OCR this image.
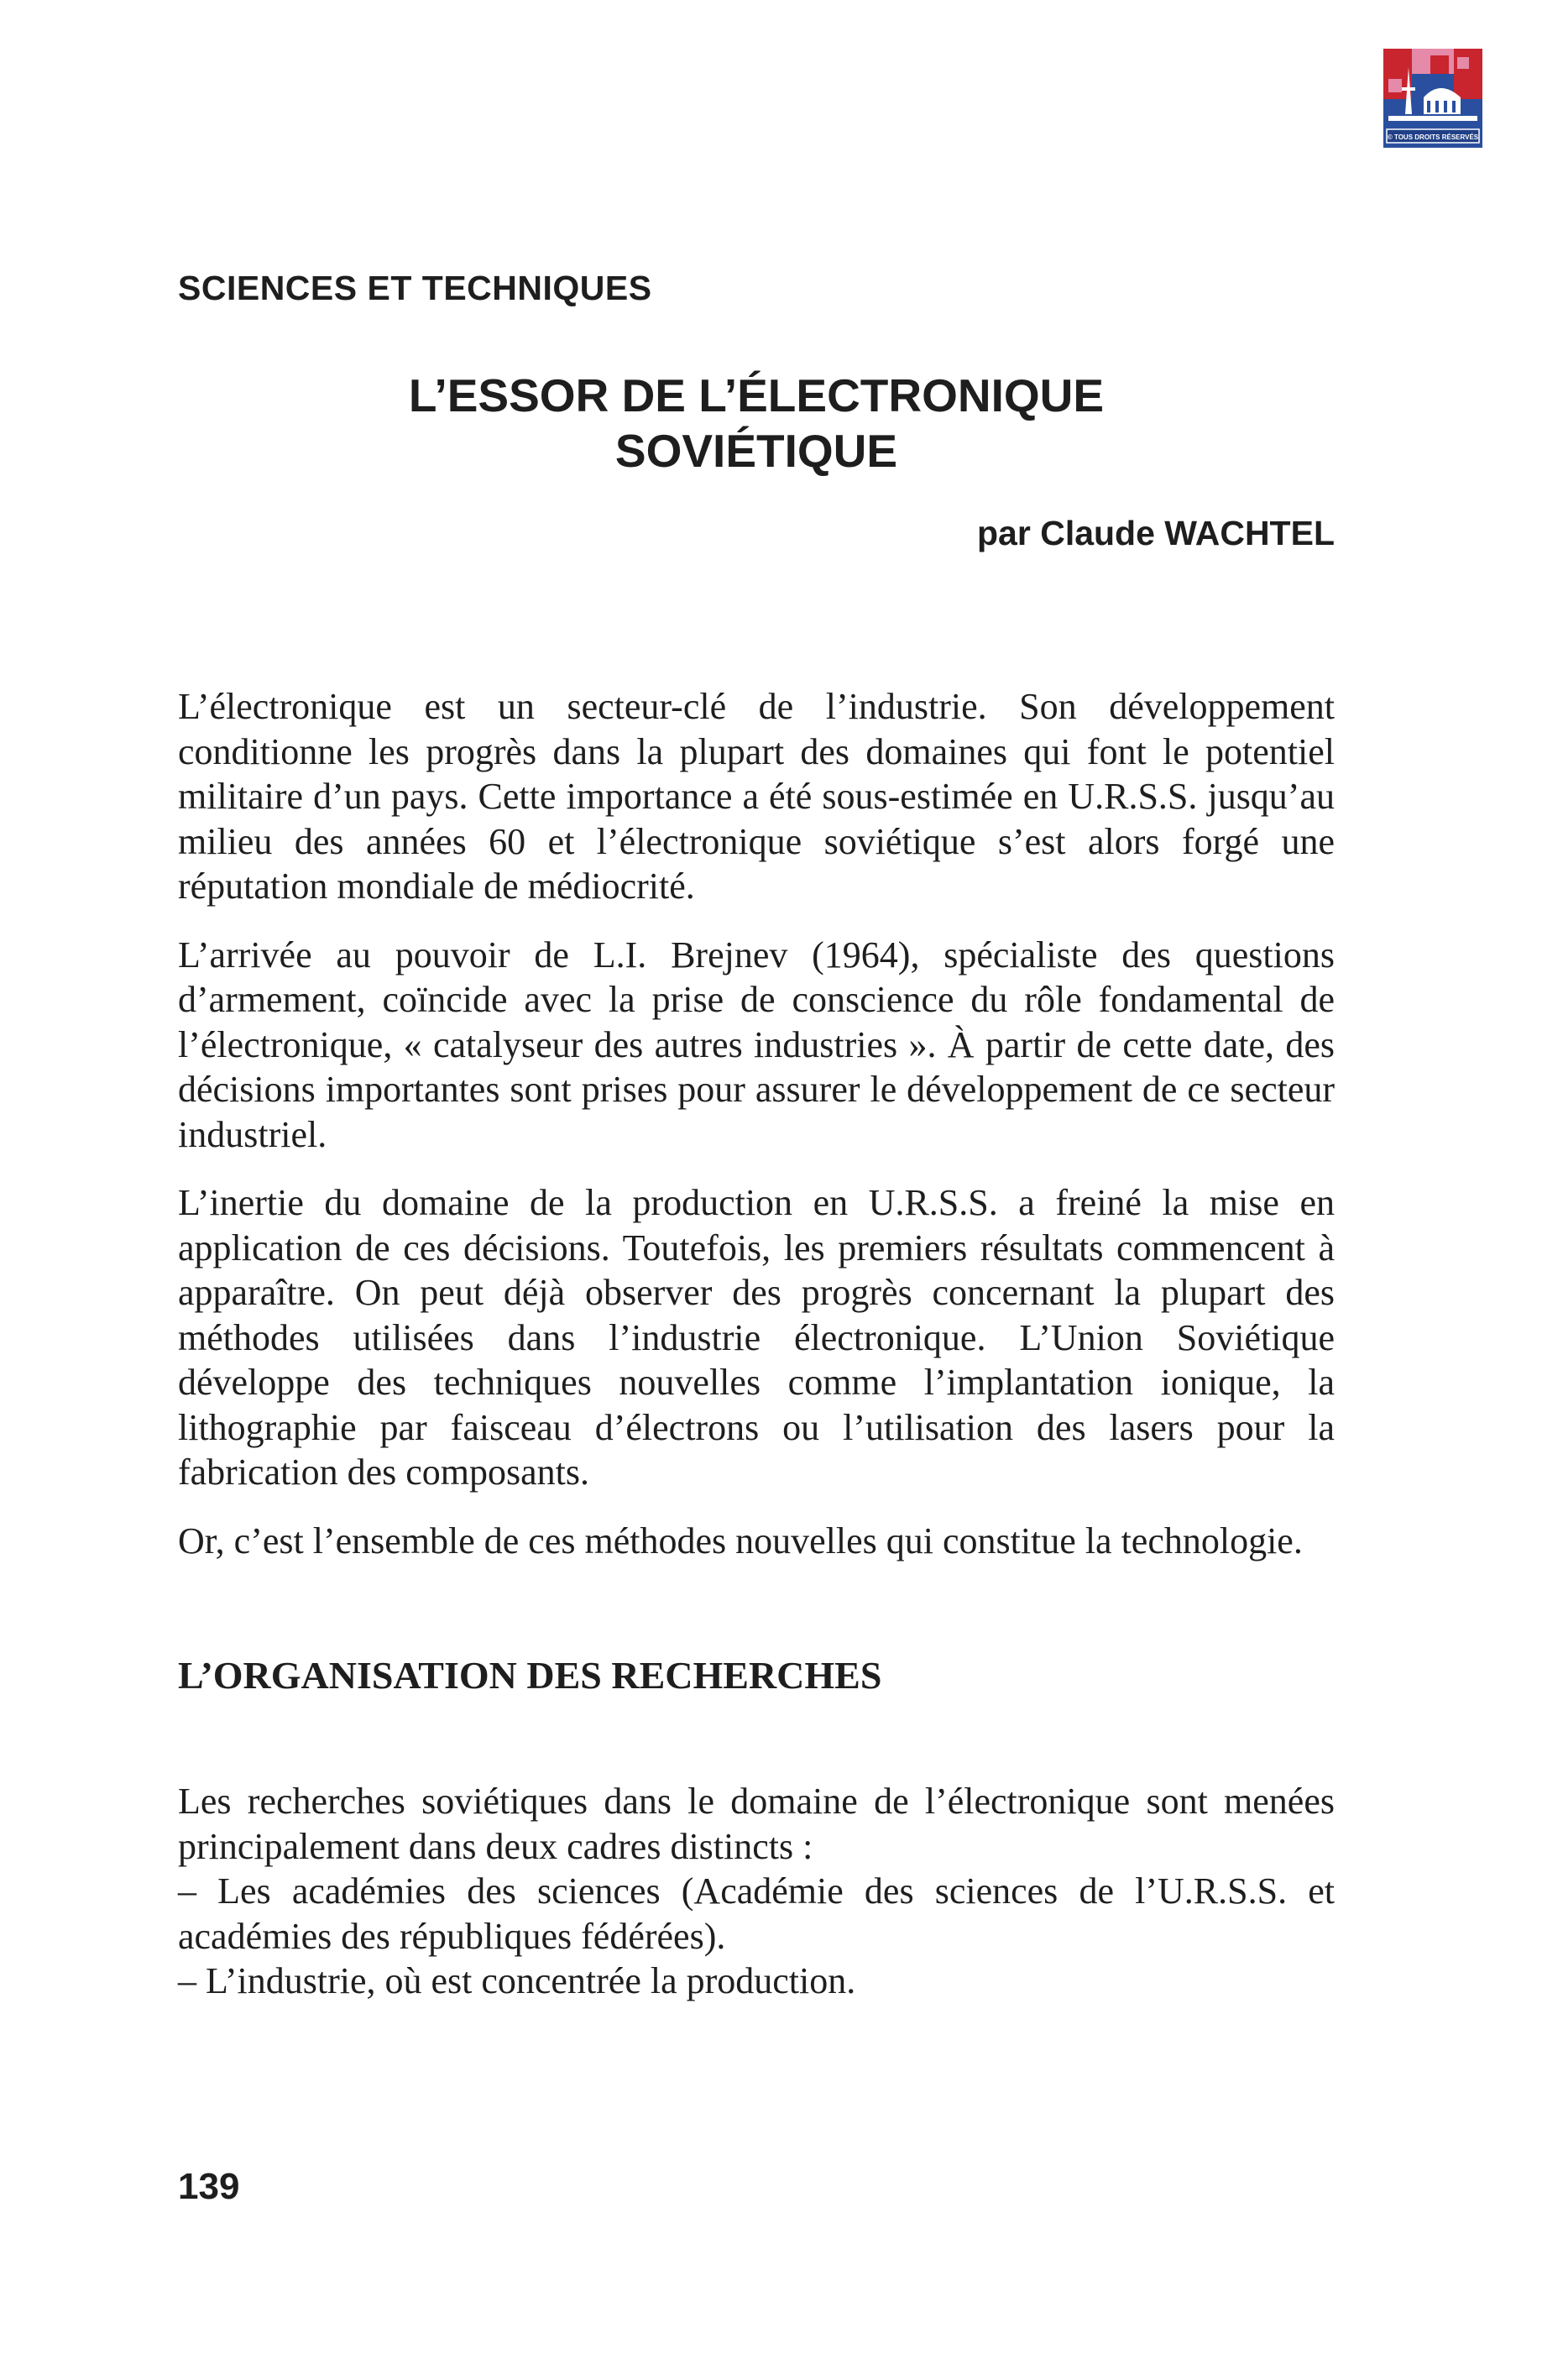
© TOUS DROITS RÉSERVÉS
SCIENCES ET TECHNIQUES
L’ESSOR DE L’ÉLECTRONIQUE
SOVIÉTIQUE

par Claude WACHTEL

L’électronique est un secteur-clé de l’industrie. Son développement conditionne les progrès dans la plupart des domaines qui font le potentiel militaire d’un pays. Cette importance a été sous-estimée en U.R.S.S. jusqu’au milieu des années 60 et l’électronique soviétique s’est alors forgé une réputation mondiale de médiocrité.

L’arrivée au pouvoir de L.I. Brejnev (1964), spécialiste des questions d’armement, coïncide avec la prise de conscience du rôle fondamental de l’électronique, « catalyseur des autres industries ». À partir de cette date, des décisions importantes sont prises pour assurer le développement de ce secteur industriel.

L’inertie du domaine de la production en U.R.S.S. a freiné la mise en application de ces décisions. Toutefois, les premiers résultats commencent à apparaître. On peut déjà observer des progrès concernant la plupart des méthodes utilisées dans l’industrie électronique. L’Union Soviétique développe des techniques nouvelles comme l’implantation ionique, la lithographie par faisceau d’électrons ou l’utilisation des lasers pour la fabrication des composants.

Or, c’est l’ensemble de ces méthodes nouvelles qui constitue la technologie.

L’ORGANISATION DES RECHERCHES

Les recherches soviétiques dans le domaine de l’électronique sont menées principalement dans deux cadres distincts :
– Les académies des sciences (Académie des sciences de l’U.R.S.S. et académies des républiques fédérées).
– L’industrie, où est concentrée la production.

139
